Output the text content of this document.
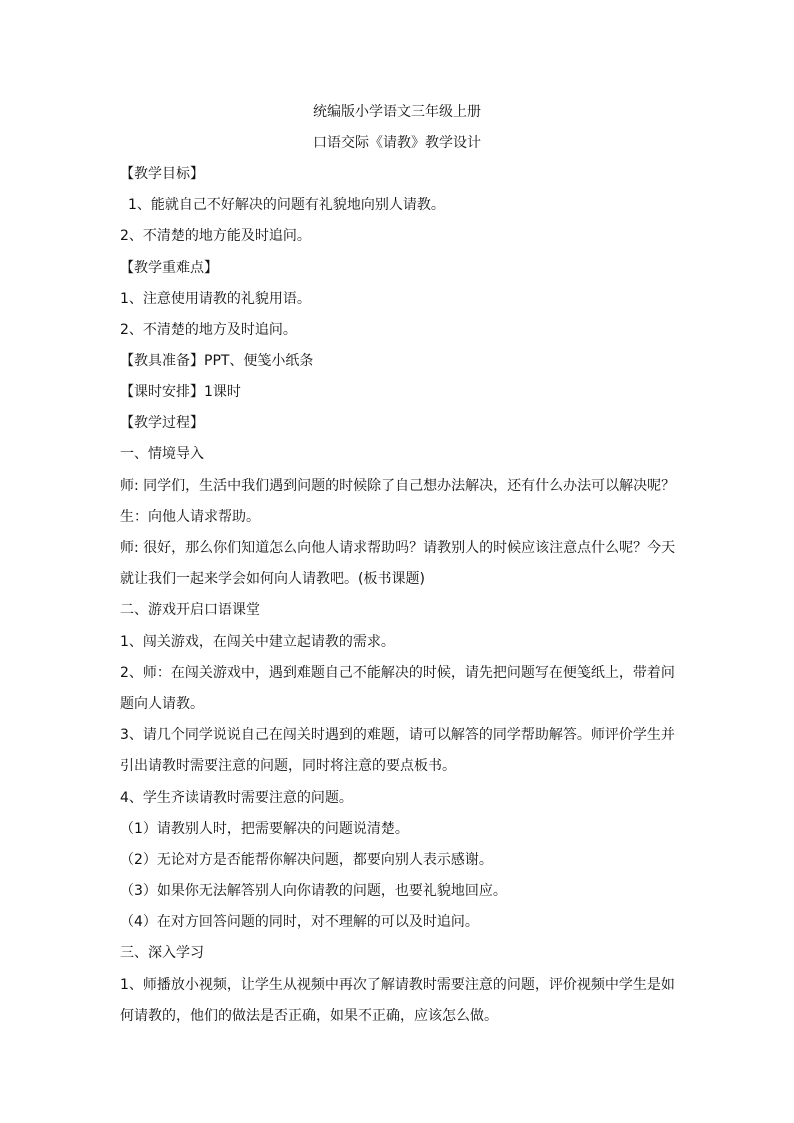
统编版小学语文三年级上册
口语交际《请教》教学设计
【教学目标】
1、能就自己不好解决的问题有礼貌地向别人请教。
2、不清楚的地方能及时追问。
【教学重难点】
1、注意使用请教的礼貌用语。
2、不清楚的地方及时追问。
【教具准备】PPT、便笺小纸条
【课时安排】1课时
【教学过程】
一、情境导入
师: 同学们，生活中我们遇到问题的时候除了自己想办法解决，还有什么办法可以解决呢？
生：向他人请求帮助。
师: 很好，那么你们知道怎么向他人请求帮助吗？请教别人的时候应该注意点什么呢？今天
就让我们一起来学会如何向人请教吧。(板书课题)
二、游戏开启口语课堂
1、闯关游戏，在闯关中建立起请教的需求。
2、师：在闯关游戏中，遇到难题自己不能解决的时候，请先把问题写在便笺纸上，带着问
题向人请教。
3、请几个同学说说自己在闯关时遇到的难题，请可以解答的同学帮助解答。师评价学生并
引出请教时需要注意的问题，同时将注意的要点板书。
4、学生齐读请教时需要注意的问题。
（1）请教别人时，把需要解决的问题说清楚。
（2）无论对方是否能帮你解决问题，都要向别人表示感谢。
（3）如果你无法解答别人向你请教的问题，也要礼貌地回应。
（4）在对方回答问题的同时，对不理解的可以及时追问。
三、深入学习
1、师播放小视频，让学生从视频中再次了解请教时需要注意的问题，评价视频中学生是如
何请教的，他们的做法是否正确，如果不正确，应该怎么做。
